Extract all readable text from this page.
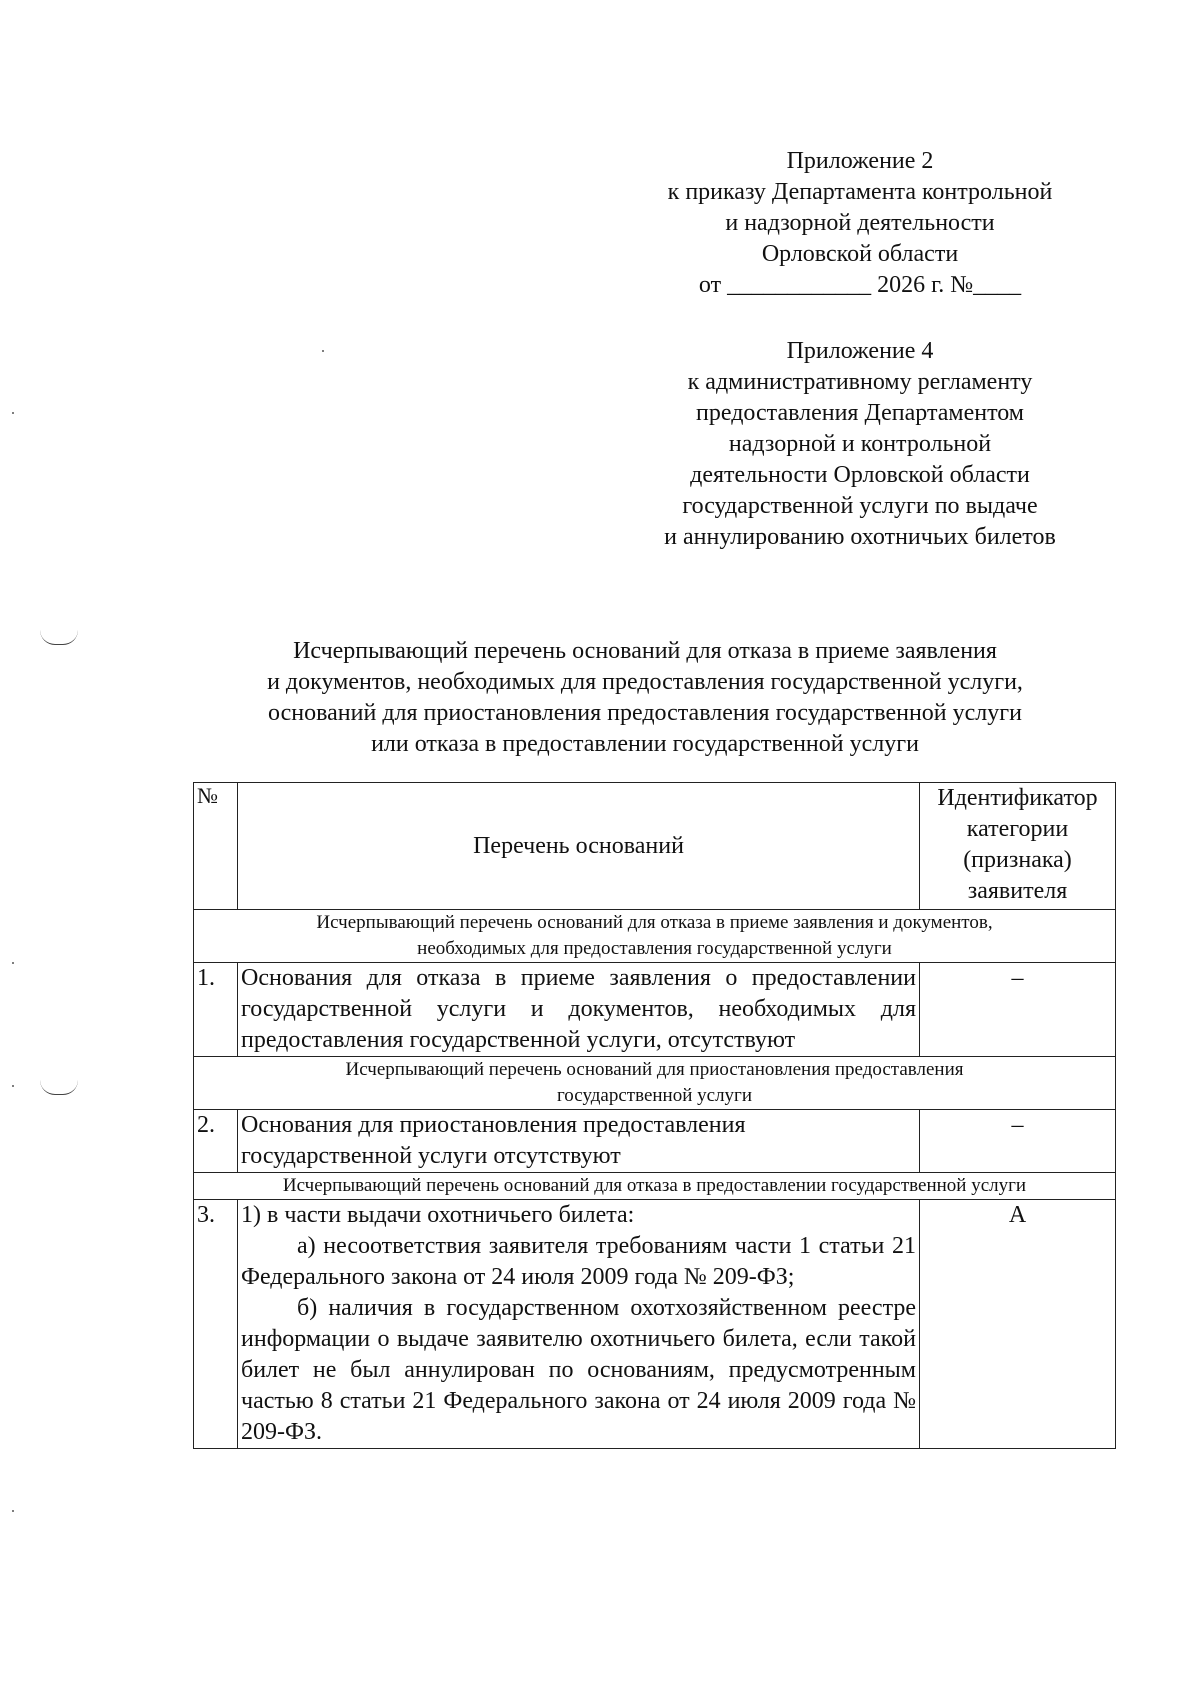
Приложение 2
к приказу Департамента контрольной
и надзорной деятельности
Орловской области
от ____________ 2026 г. №____
Приложение 4
к административному регламенту
предоставления Департаментом
надзорной и контрольной
деятельности Орловской области
государственной услуги по выдаче
и аннулированию охотничьих билетов
Исчерпывающий перечень оснований для отказа в приеме заявления
и документов, необходимых для предоставления государственной услуги,
оснований для приостановления предоставления государственной услуги
или отказа в предоставлении государственной услуги
№	Перечень оснований	Идентификатор
категории
(признака)
заявителя

Исчерпывающий перечень оснований для отказа в приеме заявления и документов,
необходимых для предоставления государственной услуги		

1.	Основания для отказа в приеме заявления о предоставлении государственной услуги и документов, необходимых для предоставления государственной услуги, отсутствуют	–

Исчерпывающий перечень оснований для приостановления предоставления
государственной услуги		

2.	Основания для приостановления предоставления
государственной услуги отсутствуют	–

Исчерпывающий перечень оснований для отказа в предоставлении государственной услуги		

3.	1) в части выдачи охотничьего билета:

а) несоответствия заявителя требованиям части 1 статьи 21 Федерального закона от 24 июля 2009 года № 209-ФЗ;

б) наличия в государственном охотхозяйственном реестре информации о выдаче заявителю охотничьего билета, если такой билет не был аннулирован по основаниям, предусмотренным частью 8 статьи 21 Федерального закона от 24 июля 2009 года № 209-ФЗ.	А
